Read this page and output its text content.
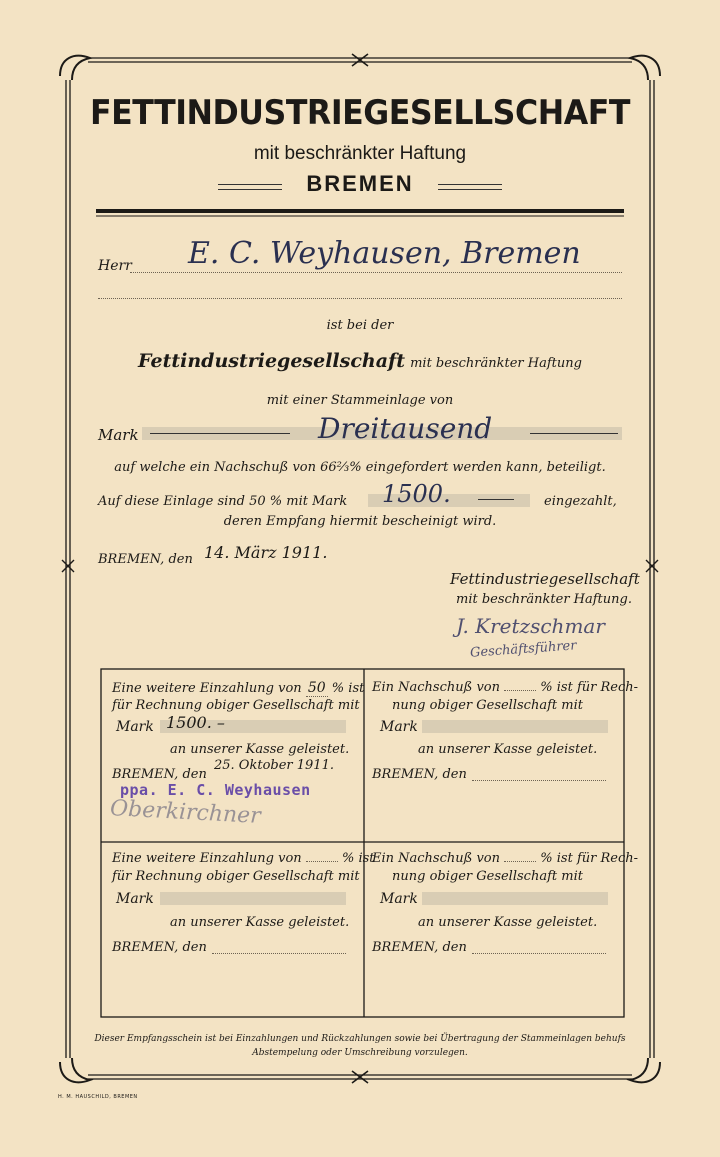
FETTINDUSTRIEGESELLSCHAFT
mit beschränkter Haftung
BREMEN
Herr E. C. Weyhausen, Bremen
ist bei der
Fettindustriegesellschaft mit beschränkter Haftung
mit einer Stammeinlage von
Mark	Dreitausend
auf welche ein Nachschuß von 66⅔% eingefordert werden kann, beteiligt.
Auf diese Einlage sind 50 % mit Mark 1500.	eingezahlt,
deren Empfang hiermit bescheinigt wird.
BREMEN, den 14. März 1911.
Fettindustriegesellschaft
mit beschränkter Haftung.
J. Kretzschmar
Geschäftsführer
Eine weitere Einzahlung von 50 % ist
für Rechnung obiger Gesellschaft mit
Mark 1500. –
an unserer Kasse geleistet.
BREMEN, den
25. Oktober 1911.
ppa. E. C. Weyhausen
Oberkirchner
Ein Nachschuß von	% ist für Rech-
nung obiger Gesellschaft mit
Mark
an unserer Kasse geleistet.
BREMEN, den
Eine weitere Einzahlung von	% ist
für Rechnung obiger Gesellschaft mit
Mark
an unserer Kasse geleistet.
BREMEN, den
Ein Nachschuß von	% ist für Rech-
nung obiger Gesellschaft mit
Mark
an unserer Kasse geleistet.
BREMEN, den
Dieser Empfangsschein ist bei Einzahlungen und Rückzahlungen sowie bei Übertragung der Stammeinlagen behufs
Abstempelung oder Umschreibung vorzulegen.
H. M. HAUSCHILD, BREMEN
